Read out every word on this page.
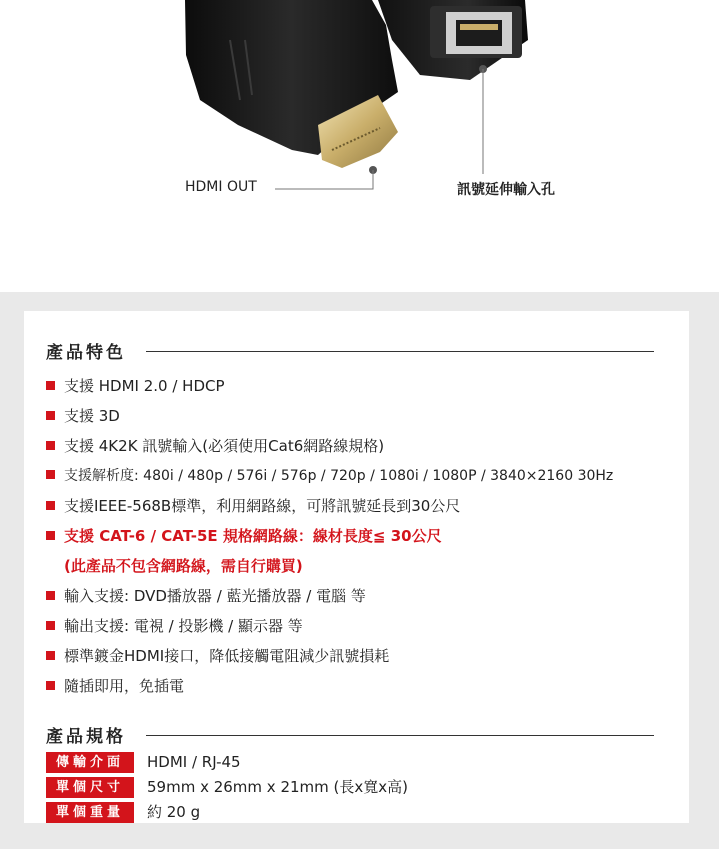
HDMI OUT	訊號延伸輸入孔
產品特色
支援 HDMI 2.0 / HDCP
支援 3D
支援 4K2K 訊號輸入(必須使用Cat6網路線規格)
支援解析度: 480i / 480p / 576i / 576p / 720p / 1080i / 1080P / 3840×2160 30Hz
支援IEEE-568B標準，利用網路線，可將訊號延長到30公尺
支援 CAT-6 / CAT-5E 規格網路線：線材長度≦ 30公尺
(此產品不包含網路線，需自行購買)
輸入支援: DVD播放器 / 藍光播放器 / 電腦 等
輸出支援: 電視 / 投影機 / 顯示器 等
標準鍍金HDMI接口，降低接觸電阻減少訊號損耗
隨插即用，免插電
產品規格
傳輸介面	HDMI / RJ-45
單個尺寸	59mm x 26mm x 21mm (長x寬x高)
單個重量	約 20 g
